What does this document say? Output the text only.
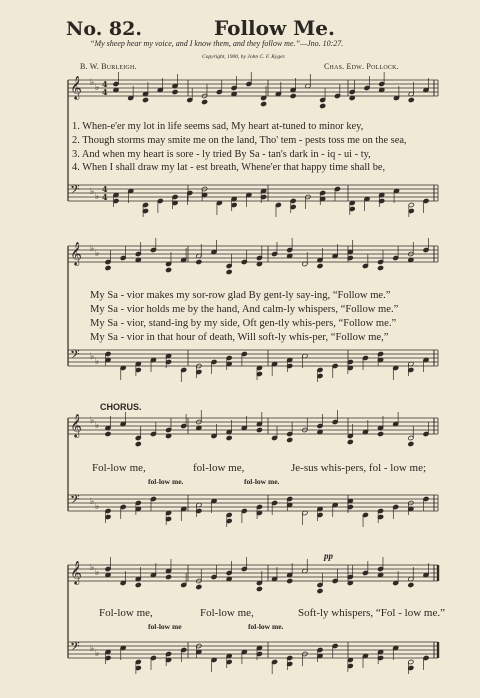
No. 82.	Follow Me.
“My sheep hear my voice, and I know them, and they follow me.”—Jno. 10:27.
Copyright, 1900, by John C. F. Kyger.
B. W. Burleigh.	Chas. Edw. Pollock.
𝄞 ♭ ♭ 4
4
𝄢 ♭ ♭
4
4
𝄞 ♭ ♭
𝄢 ♭ ♭
𝄞 ♭ ♭
𝄢 ♭ ♭
𝄞 ♭ ♭
𝄢 ♭ ♭
1. When-e'er my lot in life seems sad, My heart at-tuned to minor key,
2. Though storms may smite me on the land, Tho' tem - pests toss me on the sea,
3. And when my heart is sore - ly tried By Sa - tan's dark in - iq - ui - ty,
4. When I shall draw my lat - est breath, Whene'er that happy time shall be,
My Sa - vior makes my sor-row glad By gent-ly say-ing, “Follow me.”
My Sa - vior holds me by the hand, And calm-ly whispers, “Follow me.”
My Sa - vior, stand-ing by my side, Oft gen-tly whis-pers, “Follow me.”
My Sa - vior in that hour of death, Will soft-ly whis-per, “Follow me,”
CHORUS.
Fol-low me,	fol-low me,	Je-sus whis-pers, fol - low me;
fol-low me.	fol-low me.
pp
Fol-low me,	Fol-low me,	Soft-ly whispers, “Fol - low me.”
fol-low me	fol-low me.
